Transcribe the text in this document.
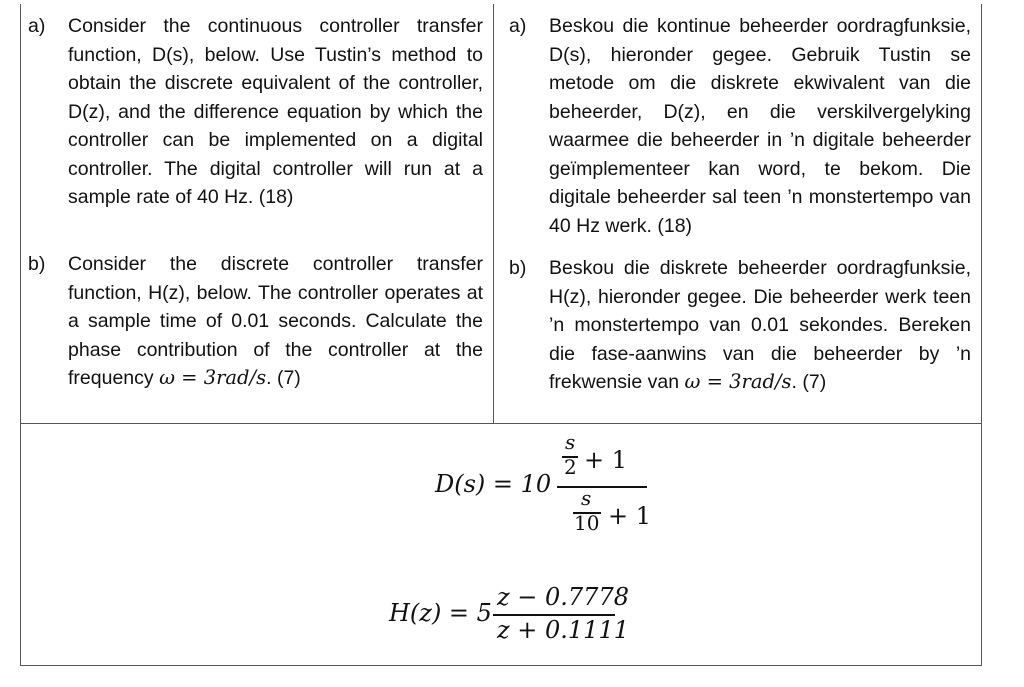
a) Consider the continuous controller transfer function, D(s), below. Use Tustin’s method to obtain the discrete equivalent of the controller, D(z), and the difference equation by which the controller can be implemented on a digital controller. The digital controller will run at a sample rate of 40 Hz. (18)
a) Beskou die kontinue beheerder oordragfunksie, D(s), hieronder gegee. Gebruik Tustin se metode om die diskrete ekwivalent van die beheerder, D(z), en die verskilvergelyking waarmee die beheerder in ’n digitale beheerder geïmplementeer kan word, te bekom. Die digitale beheerder sal teen ’n monstertempo van 40 Hz werk. (18)
b) Consider the discrete controller transfer function, H(z), below. The controller operates at a sample time of 0.01 seconds. Calculate the phase contribution of the controller at the frequency ω = 3rad/s. (7)
b) Beskou die diskrete beheerder oordragfunksie, H(z), hieronder gegee. Die beheerder werk teen ’n monstertempo van 0.01 sekondes. Bereken die fase-aanwins van die beheerder by ’n frekwensie van ω = 3rad/s. (7)
D(s) = 10
s
2 + 1
s
10 + 1
H(z) = 5
z − 0.7778
z + 0.1111
